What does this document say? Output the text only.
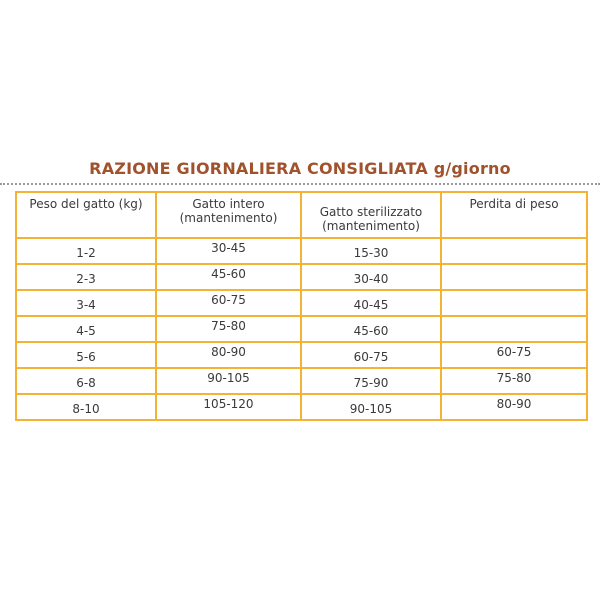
RAZIONE GIORNALIERA CONSIGLIATA g/giorno
Peso del gatto (kg)	Gatto intero (mantenimento)	Gatto sterilizzato (mantenimento)	Perdita di peso
1-2	30-45	15-30	
2-3	45-60	30-40	
3-4	60-75	40-45	
4-5	75-80	45-60	
5-6	80-90	60-75	60-75
6-8	90-105	75-90	75-80
8-10	105-120	90-105	80-90
